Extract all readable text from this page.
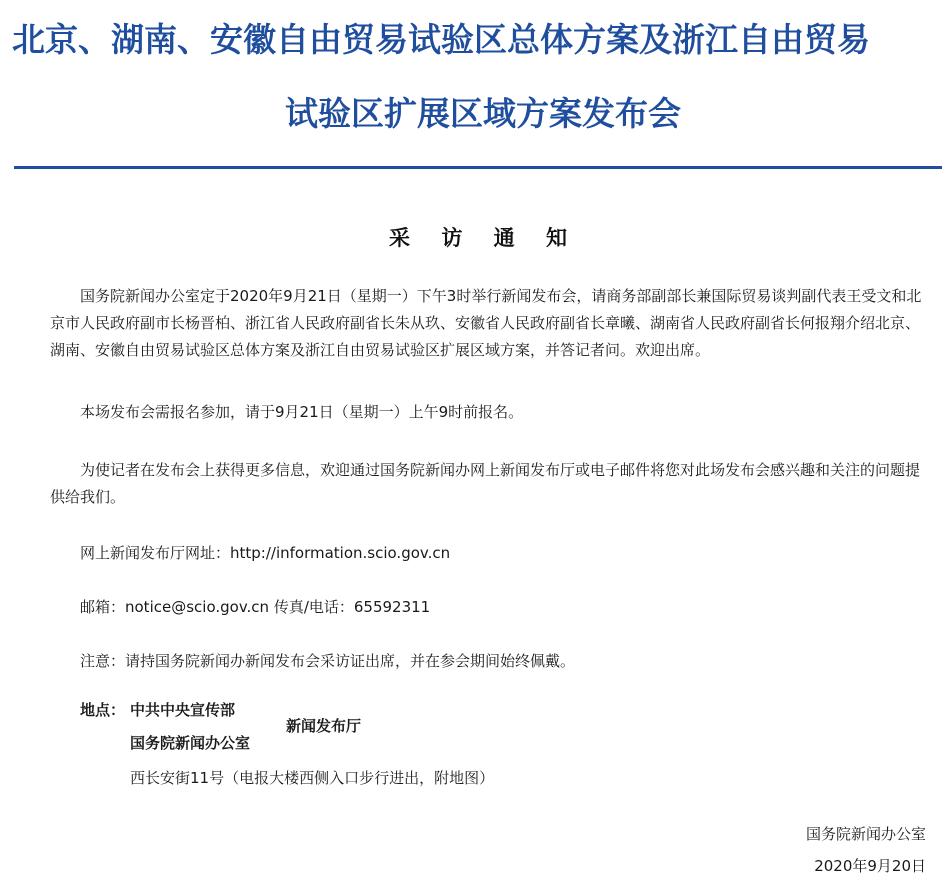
北京、湖南、安徽自由贸易试验区总体方案及浙江自由贸易
试验区扩展区域方案发布会
采 访 通 知
国务院新闻办公室定于2020年9月21日（星期一）下午3时举行新闻发布会，请商务部副部长兼国际贸易谈判副代表王受文和北京市人民政府副市长杨晋柏、浙江省人民政府副省长朱从玖、安徽省人民政府副省长章曦、湖南省人民政府副省长何报翔介绍北京、湖南、安徽自由贸易试验区总体方案及浙江自由贸易试验区扩展区域方案，并答记者问。欢迎出席。
本场发布会需报名参加，请于9月21日（星期一）上午9时前报名。
为使记者在发布会上获得更多信息，欢迎通过国务院新闻办网上新闻发布厅或电子邮件将您对此场发布会感兴趣和关注的问题提供给我们。
网上新闻发布厅网址：http://information.scio.gov.cn
邮箱：notice@scio.gov.cn 传真/电话：65592311
注意：请持国务院新闻办新闻发布会采访证出席，并在参会期间始终佩戴。
地点： 中共中央宣传部
国务院新闻办公室
新闻发布厅
西长安街11号（电报大楼西侧入口步行进出，附地图）
国务院新闻办公室
2020年9月20日
